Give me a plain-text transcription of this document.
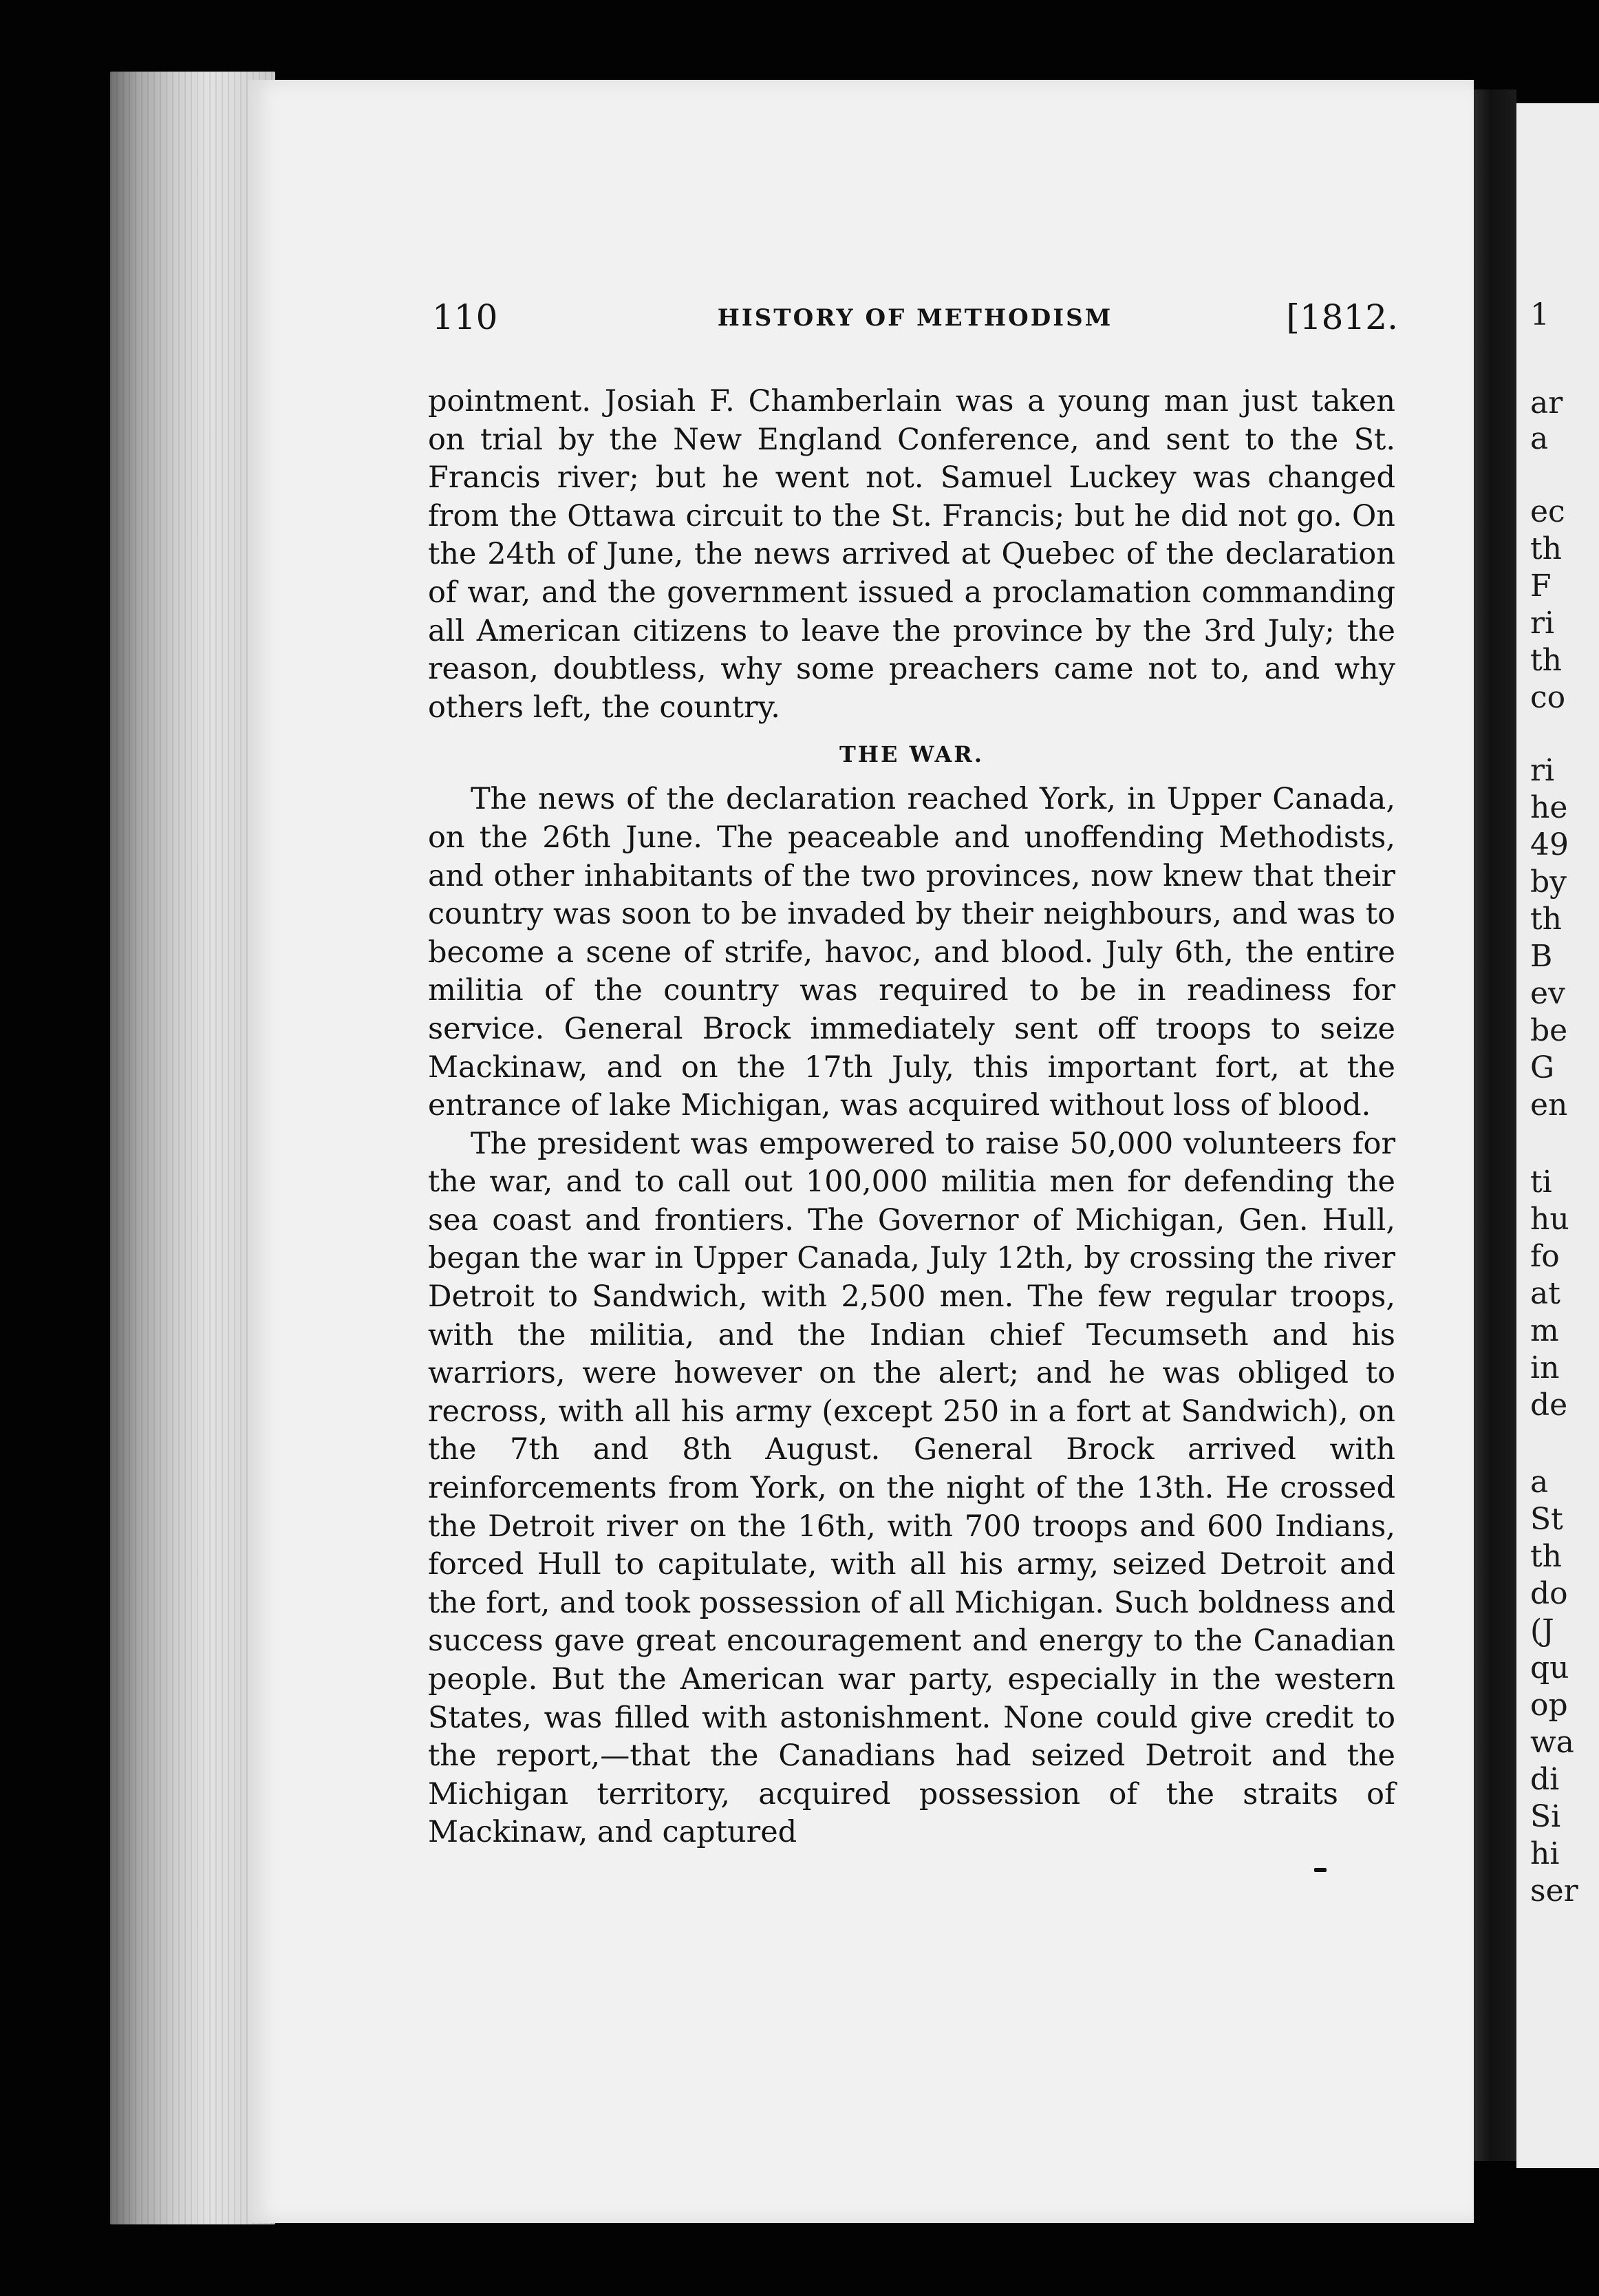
1
ar
a
ec
th
F
ri
th
co
ri
he
49
by
th
B
ev
be
G
en
ti
hu
fo
at
m
in
de
a
St
th
do
(J
qu
op
wa
di
Si
hi
ser
110	HISTORY OF METHODISM	[1812.

pointment. Josiah F. Chamberlain was a young man just taken on trial by the New England Conference, and sent to the St. Francis river; but he went not. Samuel Luckey was changed from the Ottawa circuit to the St. Francis; but he did not go. On the 24th of June, the news arrived at Quebec of the declaration of war, and the government issued a proclamation commanding all American citizens to leave the province by the 3rd July; the reason, doubtless, why some preachers came not to, and why others left, the country.

THE WAR.

The news of the declaration reached York, in Upper Canada, on the 26th June. The peaceable and unoffending Methodists, and other inhabitants of the two provinces, now knew that their country was soon to be invaded by their neighbours, and was to become a scene of strife, havoc, and blood. July 6th, the entire militia of the country was required to be in readiness for service. General Brock immediately sent off troops to seize Mackinaw, and on the 17th July, this important fort, at the entrance of lake Michigan, was acquired without loss of blood.

The president was empowered to raise 50,000 volunteers for the war, and to call out 100,000 militia men for defending the sea coast and frontiers. The Governor of Michigan, Gen. Hull, began the war in Upper Canada, July 12th, by crossing the river Detroit to Sandwich, with 2,500 men. The few regular troops, with the militia, and the Indian chief Tecumseth and his warriors, were however on the alert; and he was obliged to recross, with all his army (except 250 in a fort at Sandwich), on the 7th and 8th August. General Brock arrived with reinforcements from York, on the night of the 13th. He crossed the Detroit river on the 16th, with 700 troops and 600 Indians, forced Hull to capitulate, with all his army, seized Detroit and the fort, and took possession of all Michigan. Such boldness and success gave great encouragement and energy to the Canadian people. But the American war party, especially in the western States, was filled with astonishment. None could give credit to the report,—that the Canadians had seized Detroit and the Michigan territory, acquired possession of the straits of Mackinaw, and captured
